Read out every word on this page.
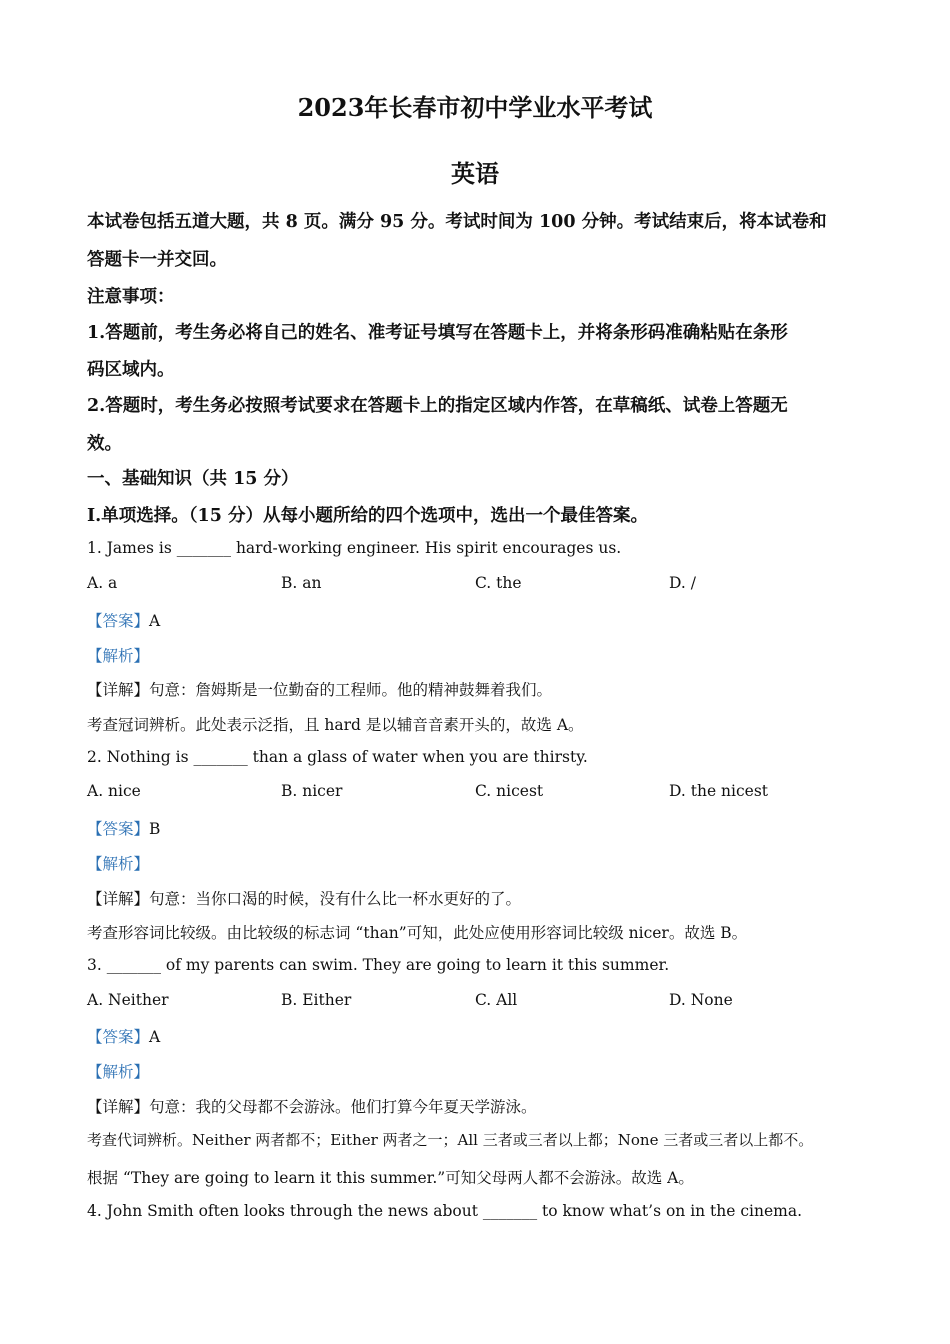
2023年长春市初中学业水平考试
英语
本试卷包括五道大题，共 8 页。满分 95 分。考试时间为 100 分钟。考试结束后，将本试卷和
答题卡一并交回。
注意事项：
1.答题前，考生务必将自己的姓名、准考证号填写在答题卡上，并将条形码准确粘贴在条形
码区域内。
2.答题时，考生务必按照考试要求在答题卡上的指定区域内作答，在草稿纸、试卷上答题无
效。
一、基础知识（共 15 分）
I.单项选择。（15 分）从每小题所给的四个选项中，选出一个最佳答案。
1. James is _______ hard-working engineer. His spirit encourages us.
A. a	B. an	C. the	D. /
【答案】A
【解析】
【详解】句意：詹姆斯是一位勤奋的工程师。他的精神鼓舞着我们。
考查冠词辨析。此处表示泛指，且 hard 是以辅音音素开头的，故选 A。
2. Nothing is _______ than a glass of water when you are thirsty.
A. nice	B. nicer	C. nicest	D. the nicest
【答案】B
【解析】
【详解】句意：当你口渴的时候，没有什么比一杯水更好的了。
考查形容词比较级。由比较级的标志词 “than”可知，此处应使用形容词比较级 nicer。故选 B。
3. _______ of my parents can swim. They are going to learn it this summer.
A. Neither	B. Either	C. All	D. None
【答案】A
【解析】
【详解】句意：我的父母都不会游泳。他们打算今年夏天学游泳。
考查代词辨析。Neither 两者都不；Either 两者之一；All 三者或三者以上都；None 三者或三者以上都不。
根据 “They are going to learn it this summer.”可知父母两人都不会游泳。故选 A。
4. John Smith often looks through the news about _______ to know what’s on in the cinema.
